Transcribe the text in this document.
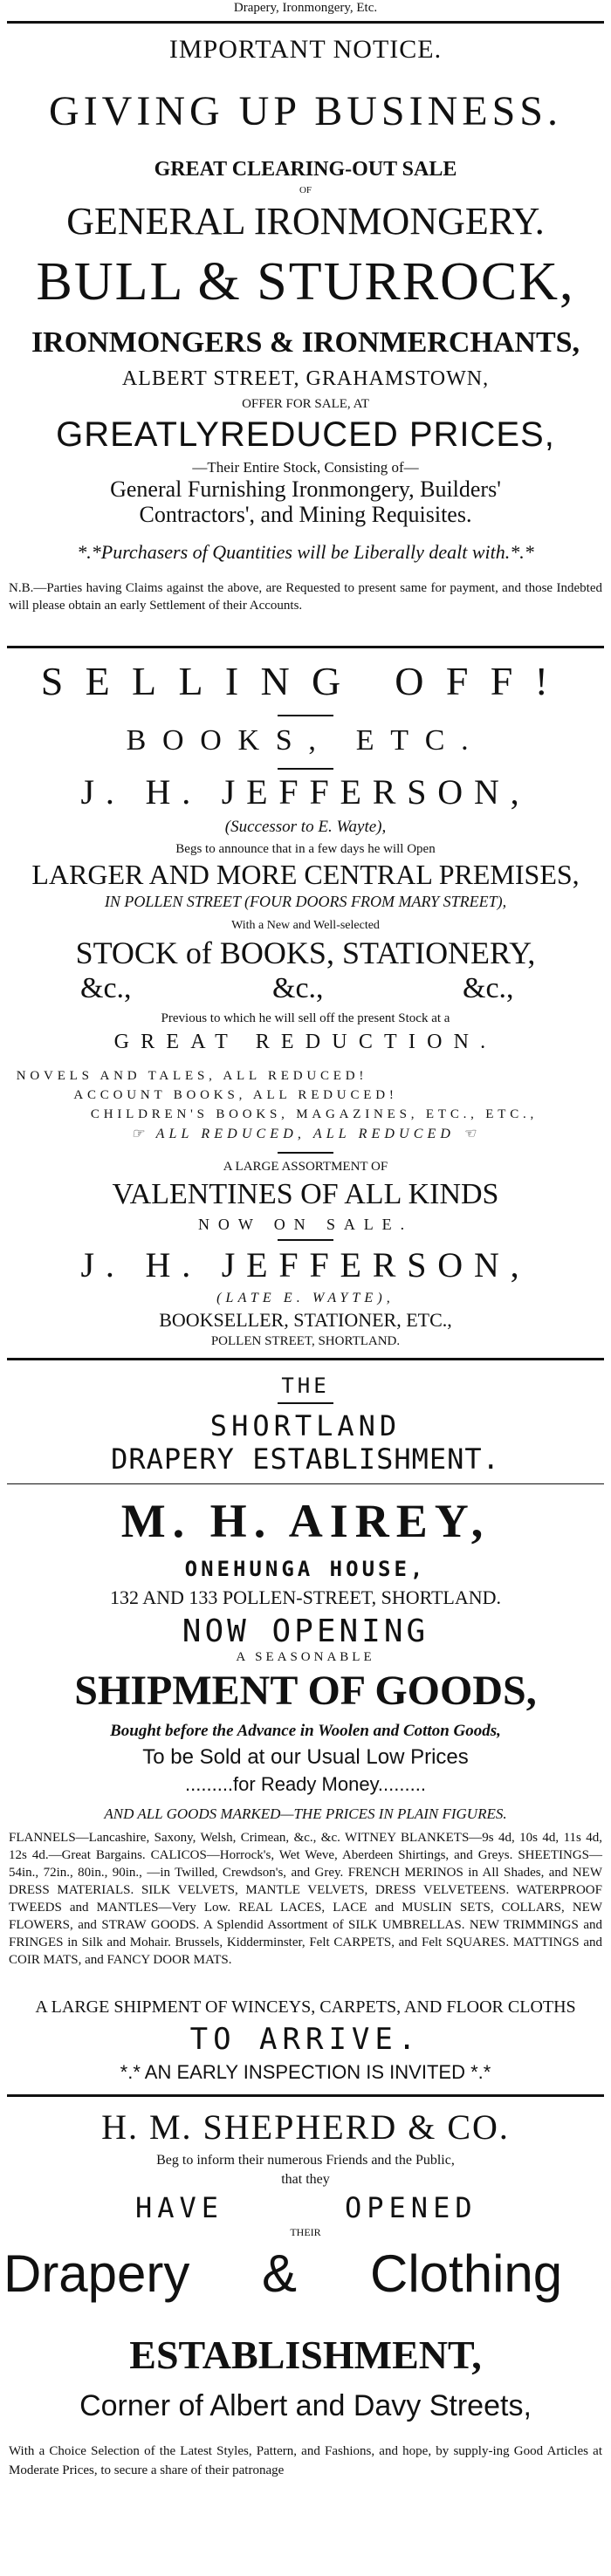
Drapery, Ironmongery, Etc.
IMPORTANT NOTICE.
GIVING UP BUSINESS.
GREAT CLEARING-OUT SALE
OF
GENERAL IRONMONGERY.
BULL & STURROCK,
IRONMONGERS & IRONMERCHANTS,
ALBERT STREET, GRAHAMSTOWN,
OFFER FOR SALE, AT
GREATLYREDUCED PRICES,
—Their Entire Stock, Consisting of—
General Furnishing Ironmongery, Builders'
Contractors', and Mining Requisites.
*.*Purchasers of Quantities will be Liberally dealt with.*.*
N.B.—Parties having Claims against the above, are Requested to present same for payment, and those Indebted will please obtain an early Settlement of their Accounts.
SELLING OFF!
BOOKS, ETC.
J. H. JEFFERSON,
(Successor to E. Wayte),
Begs to announce that in a few days he will Open
LARGER AND MORE CENTRAL PREMISES,
IN POLLEN STREET (FOUR DOORS FROM MARY STREET),
With a New and Well-selected
STOCK of BOOKS, STATIONERY,
&c.,	&c.,	&c.,
Previous to which he will sell off the present Stock at a
GREAT REDUCTION.
NOVELS AND TALES, ALL REDUCED!
ACCOUNT BOOKS, ALL REDUCED!
CHILDREN'S BOOKS, MAGAZINES, ETC., ETC.,
☞ ALL REDUCED, ALL REDUCED ☜
A LARGE ASSORTMENT OF
VALENTINES OF ALL KINDS
NOW ON SALE.
J. H. JEFFERSON,
(LATE E. WAYTE),
BOOKSELLER, STATIONER, ETC.,
POLLEN STREET, SHORTLAND.
THE
SHORTLAND
DRAPERY ESTABLISHMENT.
M. H. AIREY,
ONEHUNGA HOUSE,
132 AND 133 POLLEN-STREET, SHORTLAND.
NOW OPENING
A SEASONABLE
SHIPMENT OF GOODS,
Bought before the Advance in Woolen and Cotton Goods,
To be Sold at our Usual Low Prices
.........for Ready Money.........
AND ALL GOODS MARKED—THE PRICES IN PLAIN FIGURES.
FLANNELS—Lancashire, Saxony, Welsh, Crimean, &c., &c. WITNEY BLANKETS—9s 4d, 10s 4d, 11s 4d, 12s 4d.—Great Bargains. CALICOS—Horrock's, Wet Weve, Aberdeen Shirtings, and Greys. SHEETINGS—54in., 72in., 80in., 90in., —in Twilled, Crewdson's, and Grey. FRENCH MERINOS in All Shades, and NEW DRESS MATERIALS. SILK VELVETS, MANTLE VELVETS, DRESS VELVETEENS. WATERPROOF TWEEDS and MANTLES—Very Low. REAL LACES, LACE and MUSLIN SETS, COLLARS, NEW FLOWERS, and STRAW GOODS. A Splendid Assortment of SILK UMBRELLAS. NEW TRIMMINGS and FRINGES in Silk and Mohair. Brussels, Kidderminster, Felt CARPETS, and Felt SQUARES. MATTINGS and COIR MATS, and FANCY DOOR MATS.
A LARGE SHIPMENT OF WINCEYS, CARPETS, AND FLOOR CLOTHS
TO ARRIVE.
*.* AN EARLY INSPECTION IS INVITED *.*
H. M. SHEPHERD & CO.
Beg to inform their numerous Friends and the Public,
that they
HAVE	OPENED
THEIR
Drapery & Clothing
ESTABLISHMENT,
Corner of Albert and Davy Streets,
With a Choice Selection of the Latest Styles, Pattern, and Fashions, and hope, by supply-ing Good Articles at Moderate Prices, to secure a share of their patronage
